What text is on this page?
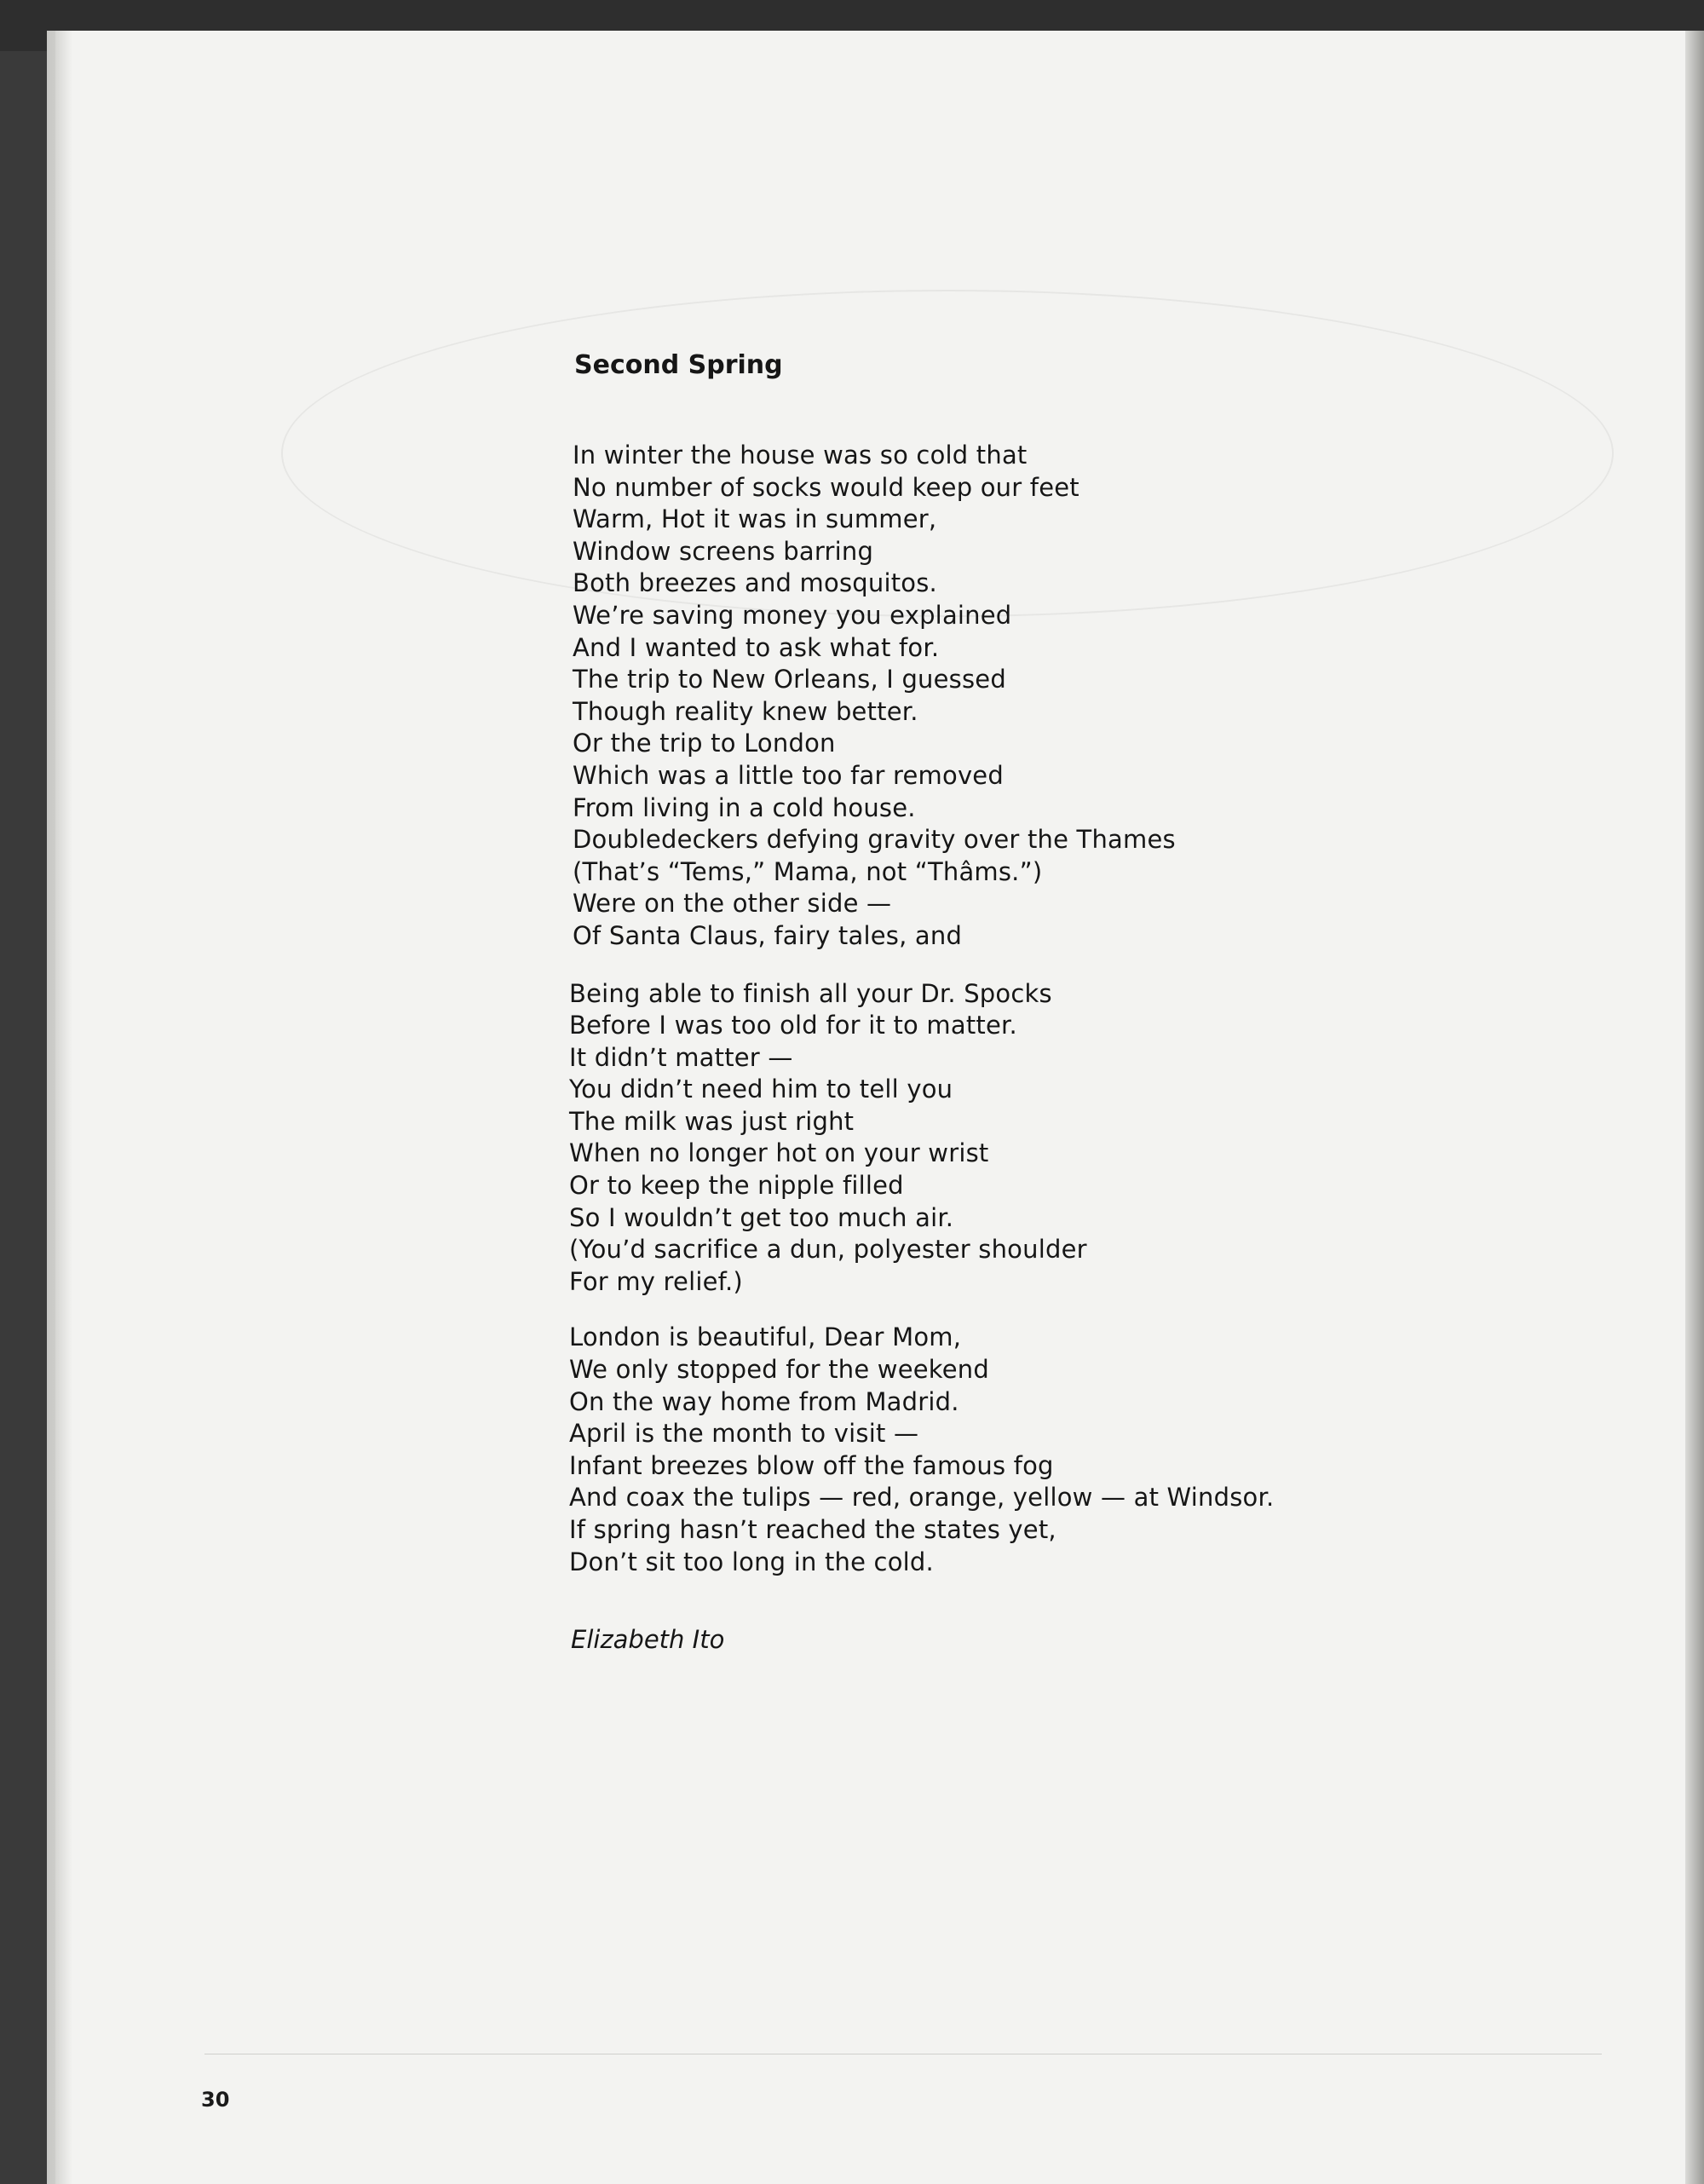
Second Spring
In winter the house was so cold that
No number of socks would keep our feet
Warm, Hot it was in summer,
Window screens barring
Both breezes and mosquitos.
We’re saving money you explained
And I wanted to ask what for.
The trip to New Orleans, I guessed
Though reality knew better.
Or the trip to London
Which was a little too far removed
From living in a cold house.
Doubledeckers defying gravity over the Thames
(That’s “Tems,” Mama, not “Thâms.”)
Were on the other side —
Of Santa Claus, fairy tales, and
Being able to finish all your Dr. Spocks
Before I was too old for it to matter.
It didn’t matter —
You didn’t need him to tell you
The milk was just right
When no longer hot on your wrist
Or to keep the nipple filled
So I wouldn’t get too much air.
(You’d sacrifice a dun, polyester shoulder
For my relief.)
London is beautiful, Dear Mom,
We only stopped for the weekend
On the way home from Madrid.
April is the month to visit —
Infant breezes blow off the famous fog
And coax the tulips — red, orange, yellow — at Windsor.
If spring hasn’t reached the states yet,
Don’t sit too long in the cold.
Elizabeth Ito
30
